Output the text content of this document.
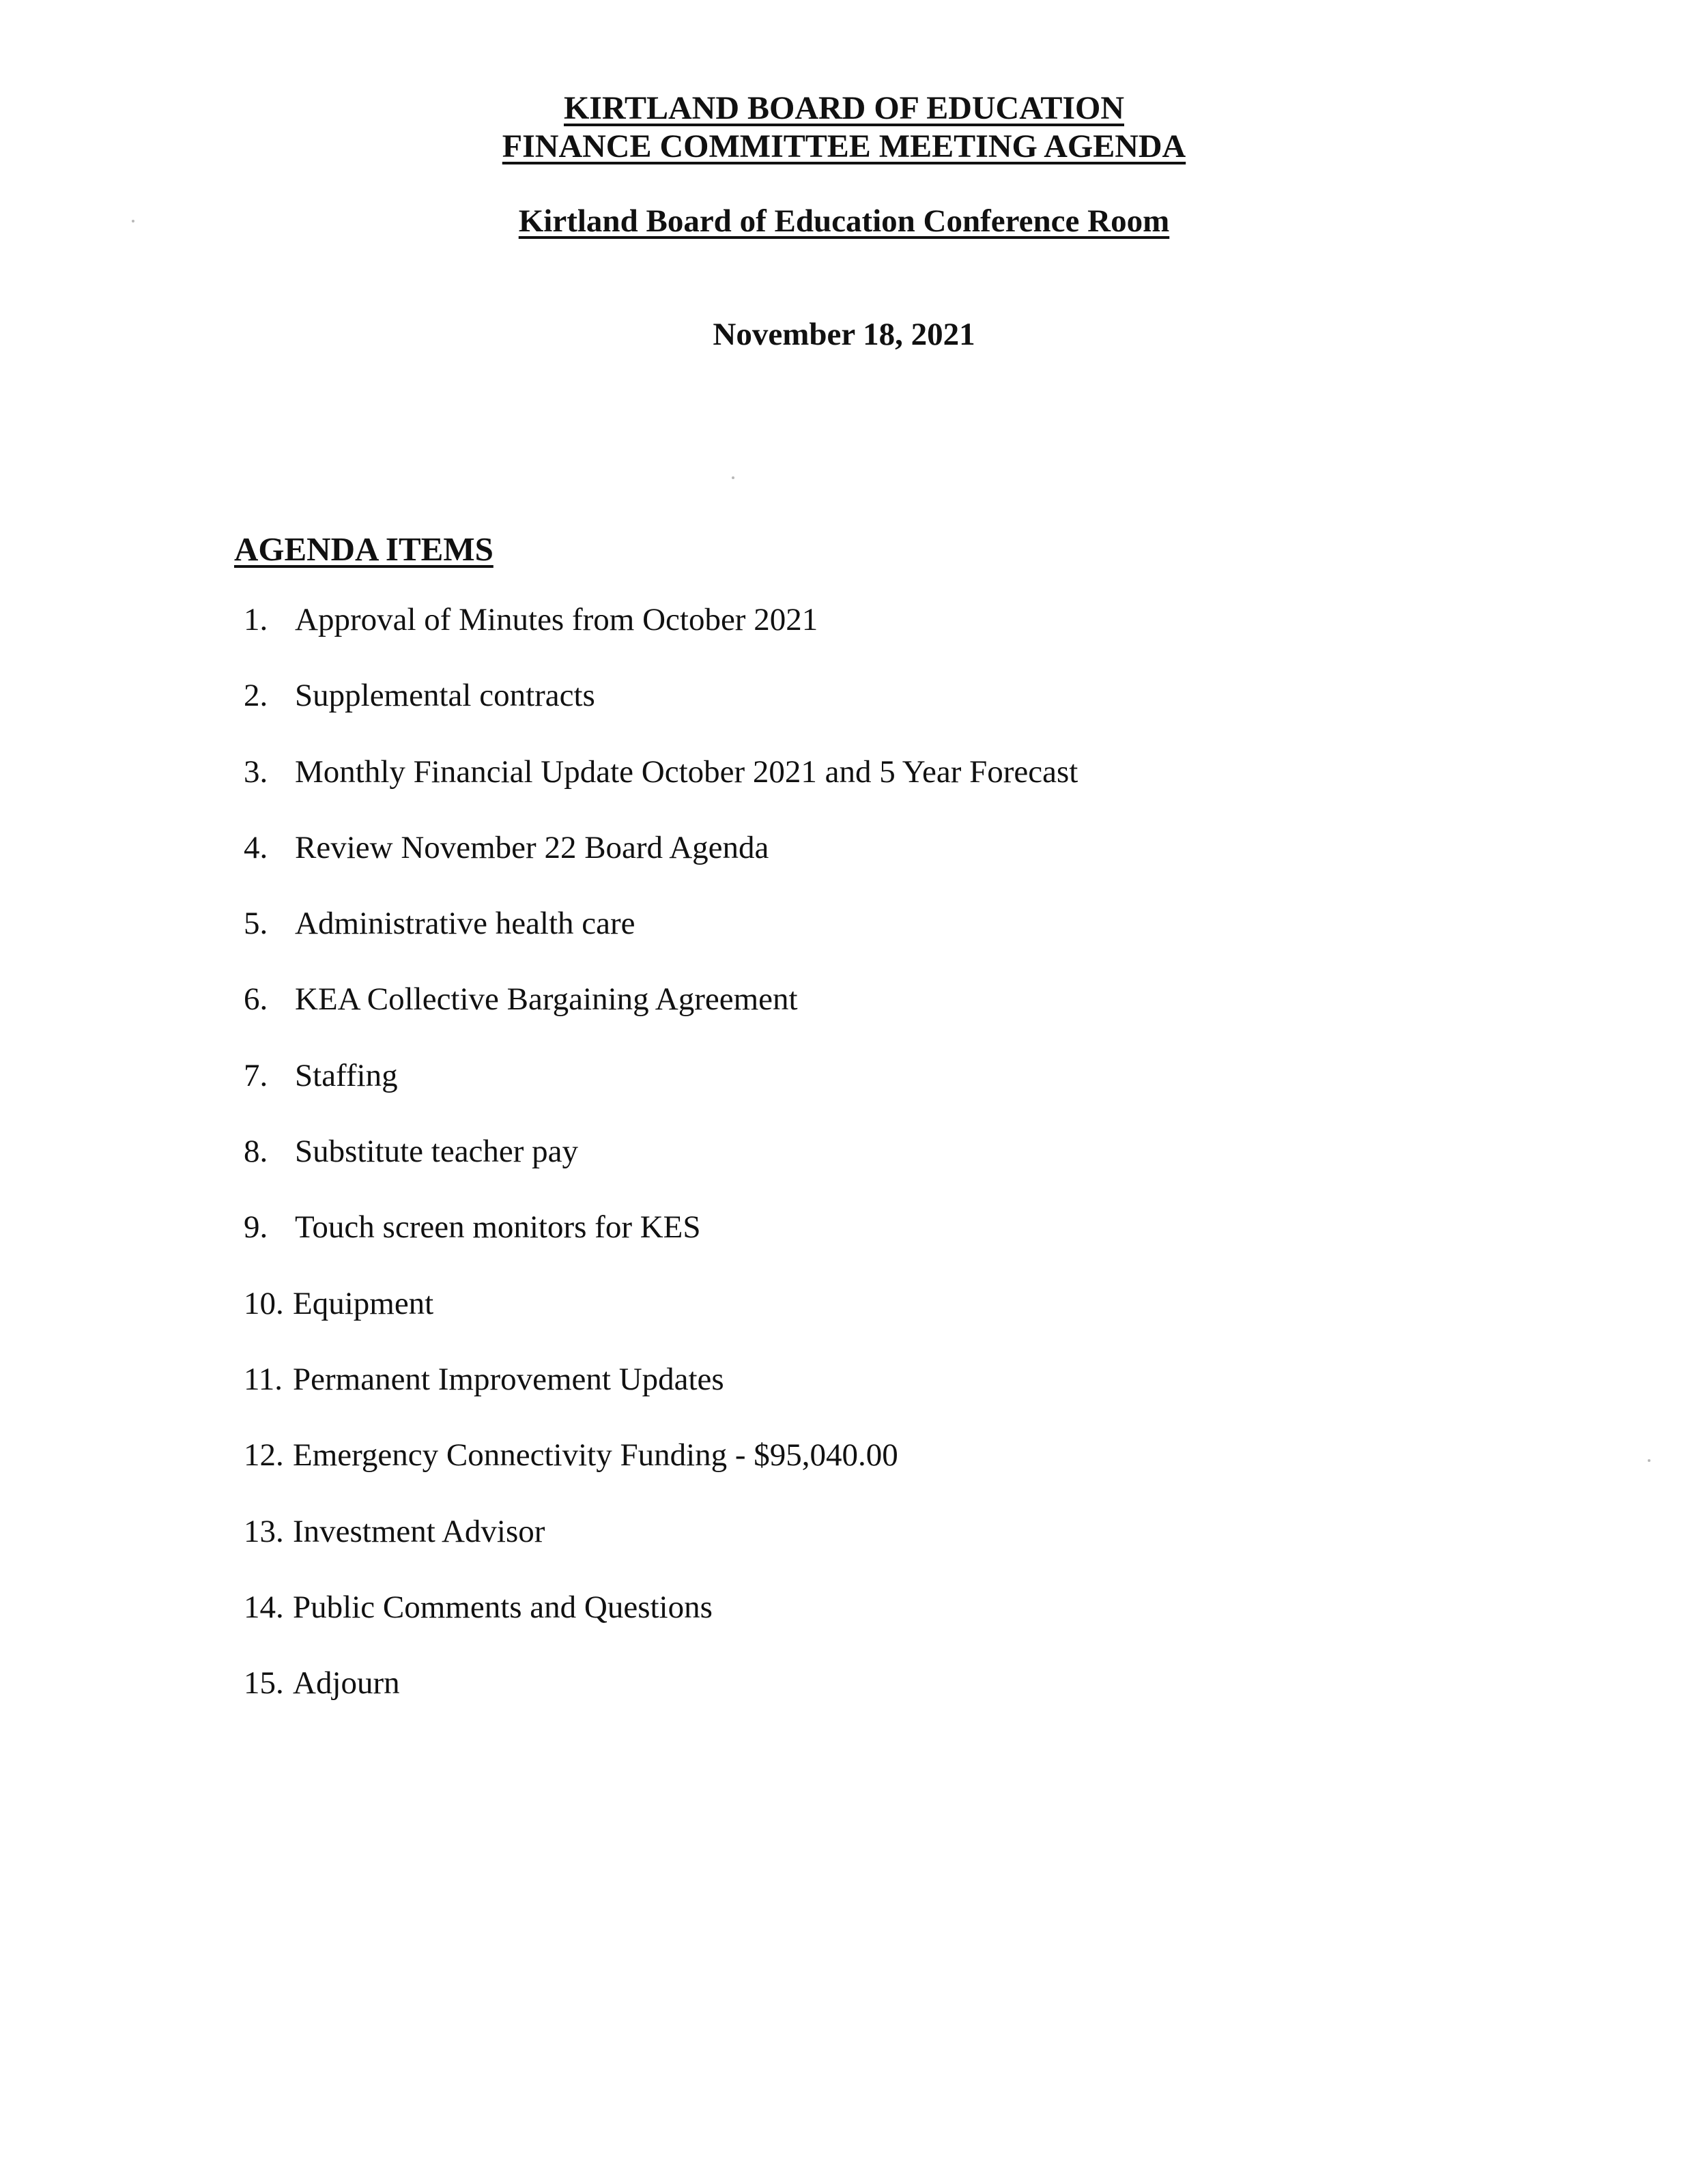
KIRTLAND BOARD OF EDUCATION
FINANCE COMMITTEE MEETING AGENDA
Kirtland Board of Education Conference Room
November 18, 2021
AGENDA ITEMS
1. Approval of Minutes from October 2021
2. Supplemental contracts
3. Monthly Financial Update October 2021 and 5 Year Forecast
4. Review November 22 Board Agenda
5. Administrative health care
6. KEA Collective Bargaining Agreement
7. Staffing
8. Substitute teacher pay
9. Touch screen monitors for KES
10. Equipment
11. Permanent Improvement Updates
12. Emergency Connectivity Funding - $95,040.00
13. Investment Advisor
14. Public Comments and Questions
15. Adjourn
